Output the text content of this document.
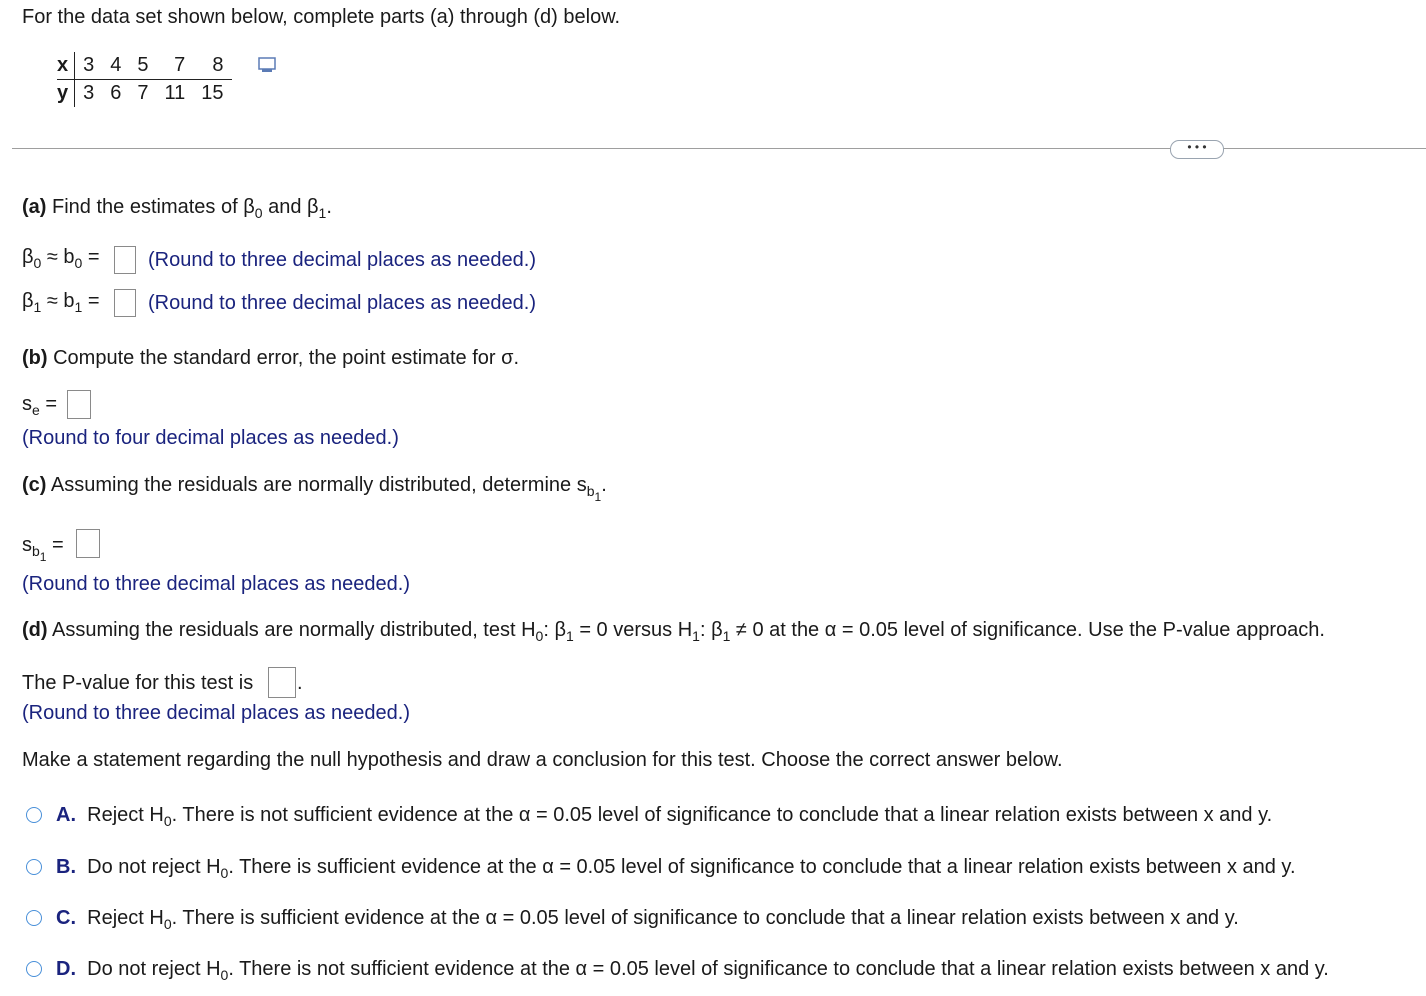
For the data set shown below, complete parts (a) through (d) below.
x	3	4	5	7	8
y	3	6	7	11	15
• • •
(a) Find the estimates of $\beta_0$ and $\beta_1$.
$\beta_0 \approx b_0$ = (Round to three decimal places as needed.)
$\beta_1 \approx b_1$ = (Round to three decimal places as needed.)
(b) Compute the standard error, the point estimate for σ.
$s_e$ =
(Round to four decimal places as needed.)
(c) Assuming the residuals are normally distributed, determine $s_{b_1}$.
$s_{b_1}$ =
(Round to three decimal places as needed.)
(d) Assuming the residuals are normally distributed, test $H_0$: $\beta_1 = 0$ versus $H_1$: $\beta_1 \ne 0$ at the α = 0.05 level of significance. Use the P-value approach.
The P-value for this test is .
(Round to three decimal places as needed.)
Make a statement regarding the null hypothesis and draw a conclusion for this test. Choose the correct answer below.
A. Reject $H_0$. There is not sufficient evidence at the α = 0.05 level of significance to conclude that a linear relation exists between x and y.
B. Do not reject $H_0$. There is sufficient evidence at the α = 0.05 level of significance to conclude that a linear relation exists between x and y.
C. Reject $H_0$. There is sufficient evidence at the α = 0.05 level of significance to conclude that a linear relation exists between x and y.
D. Do not reject $H_0$. There is not sufficient evidence at the α = 0.05 level of significance to conclude that a linear relation exists between x and y.
